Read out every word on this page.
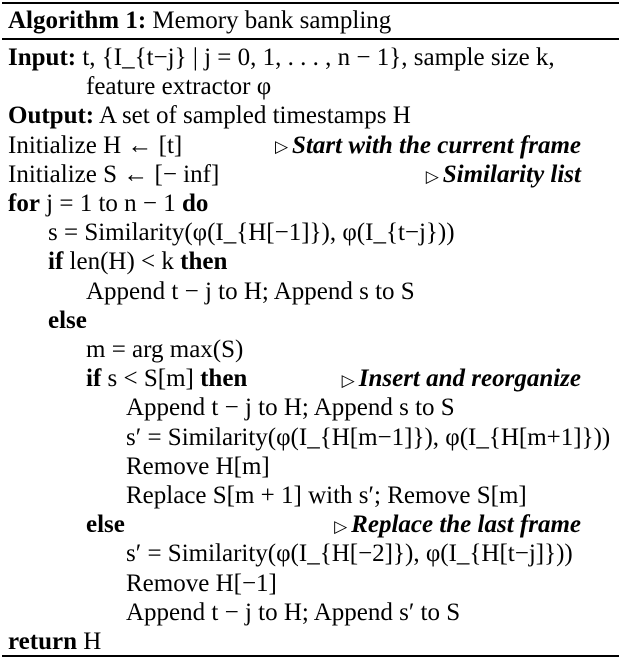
Algorithm 1: Memory bank sampling
Input: t, {I_{t−j} | j = 0, 1, . . . , n − 1}, sample size k,
feature extractor φ
Output: A set of sampled timestamps H
Initialize H ← [t]	▷ Start with the current frame
Initialize S ← [− inf]	▷ Similarity list
for j = 1 to n − 1 do
s = Similarity(φ(I_{H[−1]}), φ(I_{t−j}))
if len(H) < k then
Append t − j to H; Append s to S
else
m = arg max(S)
if s < S[m] then	▷ Insert and reorganize
Append t − j to H; Append s to S
s′ = Similarity(φ(I_{H[m−1]}), φ(I_{H[m+1]}))
Remove H[m]
Replace S[m + 1] with s′; Remove S[m]
else	▷ Replace the last frame
s′ = Similarity(φ(I_{H[−2]}), φ(I_{H[t−j]}))
Remove H[−1]
Append t − j to H; Append s′ to S
return H
